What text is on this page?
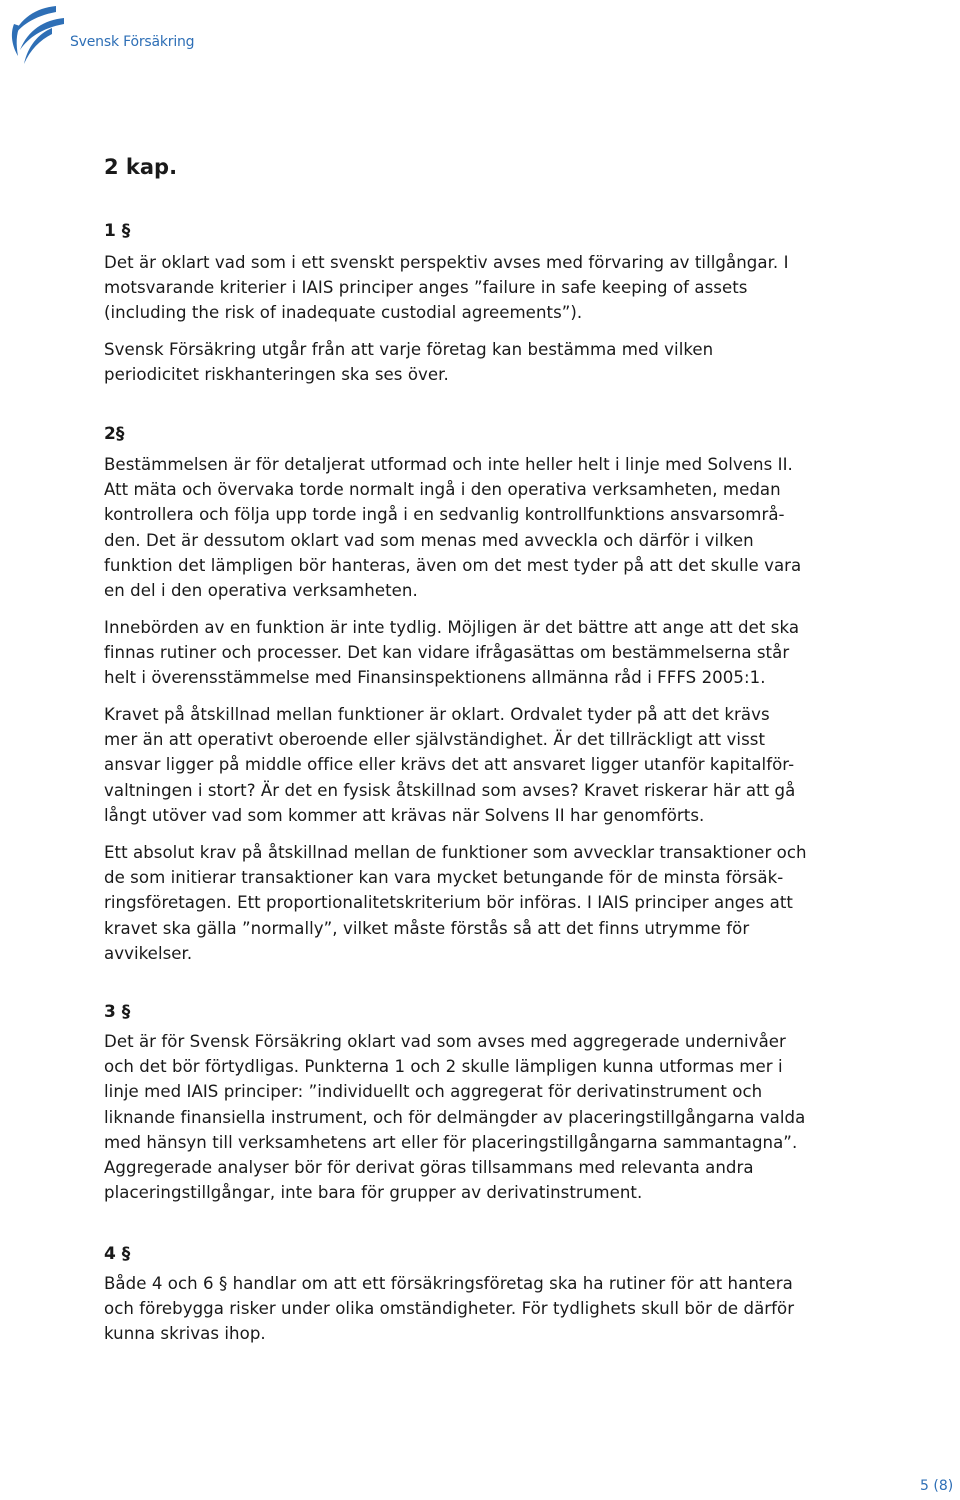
Svensk Försäkring
2 kap.
1 §

Det är oklart vad som i ett svenskt perspektiv avses med förvaring av tillgångar. I
motsvarande kriterier i IAIS principer anges ”failure in safe keeping of assets
(including the risk of inadequate custodial agreements”).

Svensk Försäkring utgår från att varje företag kan bestämma med vilken
periodicitet riskhanteringen ska ses över.

2§

Bestämmelsen är för detaljerat utformad och inte heller helt i linje med Solvens II.
Att mäta och övervaka torde normalt ingå i den operativa verksamheten, medan
kontrollera och följa upp torde ingå i en sedvanlig kontrollfunktions ansvarsområ-
den. Det är dessutom oklart vad som menas med avveckla och därför i vilken
funktion det lämpligen bör hanteras, även om det mest tyder på att det skulle vara
en del i den operativa verksamheten.

Innebörden av en funktion är inte tydlig. Möjligen är det bättre att ange att det ska
finnas rutiner och processer. Det kan vidare ifrågasättas om bestämmelserna står
helt i överensstämmelse med Finansinspektionens allmänna råd i FFFS 2005:1.

Kravet på åtskillnad mellan funktioner är oklart. Ordvalet tyder på att det krävs
mer än att operativt oberoende eller självständighet. Är det tillräckligt att visst
ansvar ligger på middle office eller krävs det att ansvaret ligger utanför kapitalför-
valtningen i stort? Är det en fysisk åtskillnad som avses? Kravet riskerar här att gå
långt utöver vad som kommer att krävas när Solvens II har genomförts.

Ett absolut krav på åtskillnad mellan de funktioner som avvecklar transaktioner och
de som initierar transaktioner kan vara mycket betungande för de minsta försäk-
ringsföretagen. Ett proportionalitetskriterium bör införas. I IAIS principer anges att
kravet ska gälla ”normally”, vilket måste förstås så att det finns utrymme för
avvikelser.

3 §

Det är för Svensk Försäkring oklart vad som avses med aggregerade undernivåer
och det bör förtydligas. Punkterna 1 och 2 skulle lämpligen kunna utformas mer i
linje med IAIS principer: ”individuellt och aggregerat för derivatinstrument och
liknande finansiella instrument, och för delmängder av placeringstillgångarna valda
med hänsyn till verksamhetens art eller för placeringstillgångarna sammantagna”.
Aggregerade analyser bör för derivat göras tillsammans med relevanta andra
placeringstillgångar, inte bara för grupper av derivatinstrument.

4 §

Både 4 och 6 § handlar om att ett försäkringsföretag ska ha rutiner för att hantera
och förebygga risker under olika omständigheter. För tydlighets skull bör de därför
kunna skrivas ihop.

5 (8)
